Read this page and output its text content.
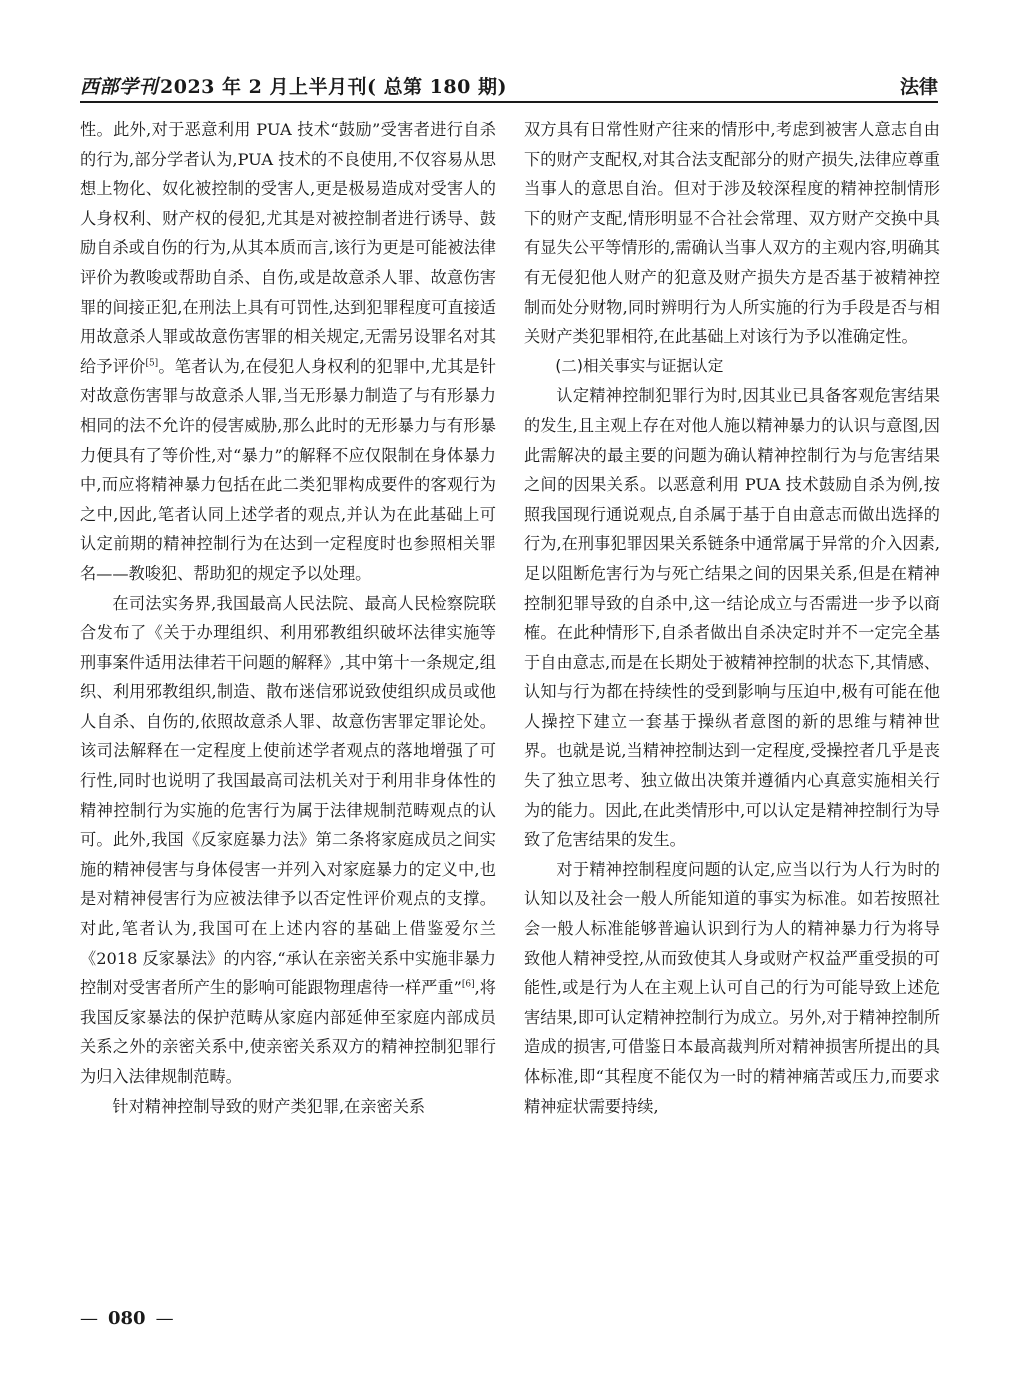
西部学刊 2023 年 2 月上半月刊( 总第 180 期)	法律

性。此外,对于恶意利用 PUA 技术“鼓励”受害者进行自杀的行为,部分学者认为,PUA 技术的不良使用,不仅容易从思想上物化、奴化被控制的受害人,更是极易造成对受害人的人身权利、财产权的侵犯,尤其是对被控制者进行诱导、鼓励自杀或自伤的行为,从其本质而言,该行为更是可能被法律评价为教唆或帮助自杀、自伤,或是故意杀人罪、故意伤害罪的间接正犯,在刑法上具有可罚性,达到犯罪程度可直接适用故意杀人罪或故意伤害罪的相关规定,无需另设罪名对其给予评价[5]。笔者认为,在侵犯人身权利的犯罪中,尤其是针对故意伤害罪与故意杀人罪,当无形暴力制造了与有形暴力相同的法不允许的侵害威胁,那么此时的无形暴力与有形暴力便具有了等价性,对“暴力”的解释不应仅限制在身体暴力中,而应将精神暴力包括在此二类犯罪构成要件的客观行为之中,因此,笔者认同上述学者的观点,并认为在此基础上可认定前期的精神控制行为在达到一定程度时也参照相关罪名——教唆犯、帮助犯的规定予以处理。

在司法实务界,我国最高人民法院、最高人民检察院联合发布了《关于办理组织、利用邪教组织破坏法律实施等刑事案件适用法律若干问题的解释》,其中第十一条规定,组织、利用邪教组织,制造、散布迷信邪说致使组织成员或他人自杀、自伤的,依照故意杀人罪、故意伤害罪定罪论处。该司法解释在一定程度上使前述学者观点的落地增强了可行性,同时也说明了我国最高司法机关对于利用非身体性的精神控制行为实施的危害行为属于法律规制范畴观点的认可。此外,我国《反家庭暴力法》第二条将家庭成员之间实施的精神侵害与身体侵害一并列入对家庭暴力的定义中,也是对精神侵害行为应被法律予以否定性评价观点的支撑。对此,笔者认为,我国可在上述内容的基础上借鉴爱尔兰《2018 反家暴法》的内容,“承认在亲密关系中实施非暴力控制对受害者所产生的影响可能跟物理虐待一样严重”[6],将我国反家暴法的保护范畴从家庭内部延伸至家庭内部成员关系之外的亲密关系中,使亲密关系双方的精神控制犯罪行为归入法律规制范畴。

针对精神控制导致的财产类犯罪,在亲密关系

双方具有日常性财产往来的情形中,考虑到被害人意志自由下的财产支配权,对其合法支配部分的财产损失,法律应尊重当事人的意思自治。但对于涉及较深程度的精神控制情形下的财产支配,情形明显不合社会常理、双方财产交换中具有显失公平等情形的,需确认当事人双方的主观内容,明确其有无侵犯他人财产的犯意及财产损失方是否基于被精神控制而处分财物,同时辨明行为人所实施的行为手段是否与相关财产类犯罪相符,在此基础上对该行为予以准确定性。

(二)相关事实与证据认定

认定精神控制犯罪行为时,因其业已具备客观危害结果的发生,且主观上存在对他人施以精神暴力的认识与意图,因此需解决的最主要的问题为确认精神控制行为与危害结果之间的因果关系。以恶意利用 PUA 技术鼓励自杀为例,按照我国现行通说观点,自杀属于基于自由意志而做出选择的行为,在刑事犯罪因果关系链条中通常属于异常的介入因素,足以阻断危害行为与死亡结果之间的因果关系,但是在精神控制犯罪导致的自杀中,这一结论成立与否需进一步予以商榷。在此种情形下,自杀者做出自杀决定时并不一定完全基于自由意志,而是在长期处于被精神控制的状态下,其情感、认知与行为都在持续性的受到影响与压迫中,极有可能在他人操控下建立一套基于操纵者意图的新的思维与精神世界。也就是说,当精神控制达到一定程度,受操控者几乎是丧失了独立思考、独立做出决策并遵循内心真意实施相关行为的能力。因此,在此类情形中,可以认定是精神控制行为导致了危害结果的发生。

对于精神控制程度问题的认定,应当以行为人行为时的认知以及社会一般人所能知道的事实为标准。如若按照社会一般人标准能够普遍认识到行为人的精神暴力行为将导致他人精神受控,从而致使其人身或财产权益严重受损的可能性,或是行为人在主观上认可自己的行为可能导致上述危害结果,即可认定精神控制行为成立。另外,对于精神控制所造成的损害,可借鉴日本最高裁判所对精神损害所提出的具体标准,即“其程度不能仅为一时的精神痛苦或压力,而要求精神症状需要持续,

— 080 —
